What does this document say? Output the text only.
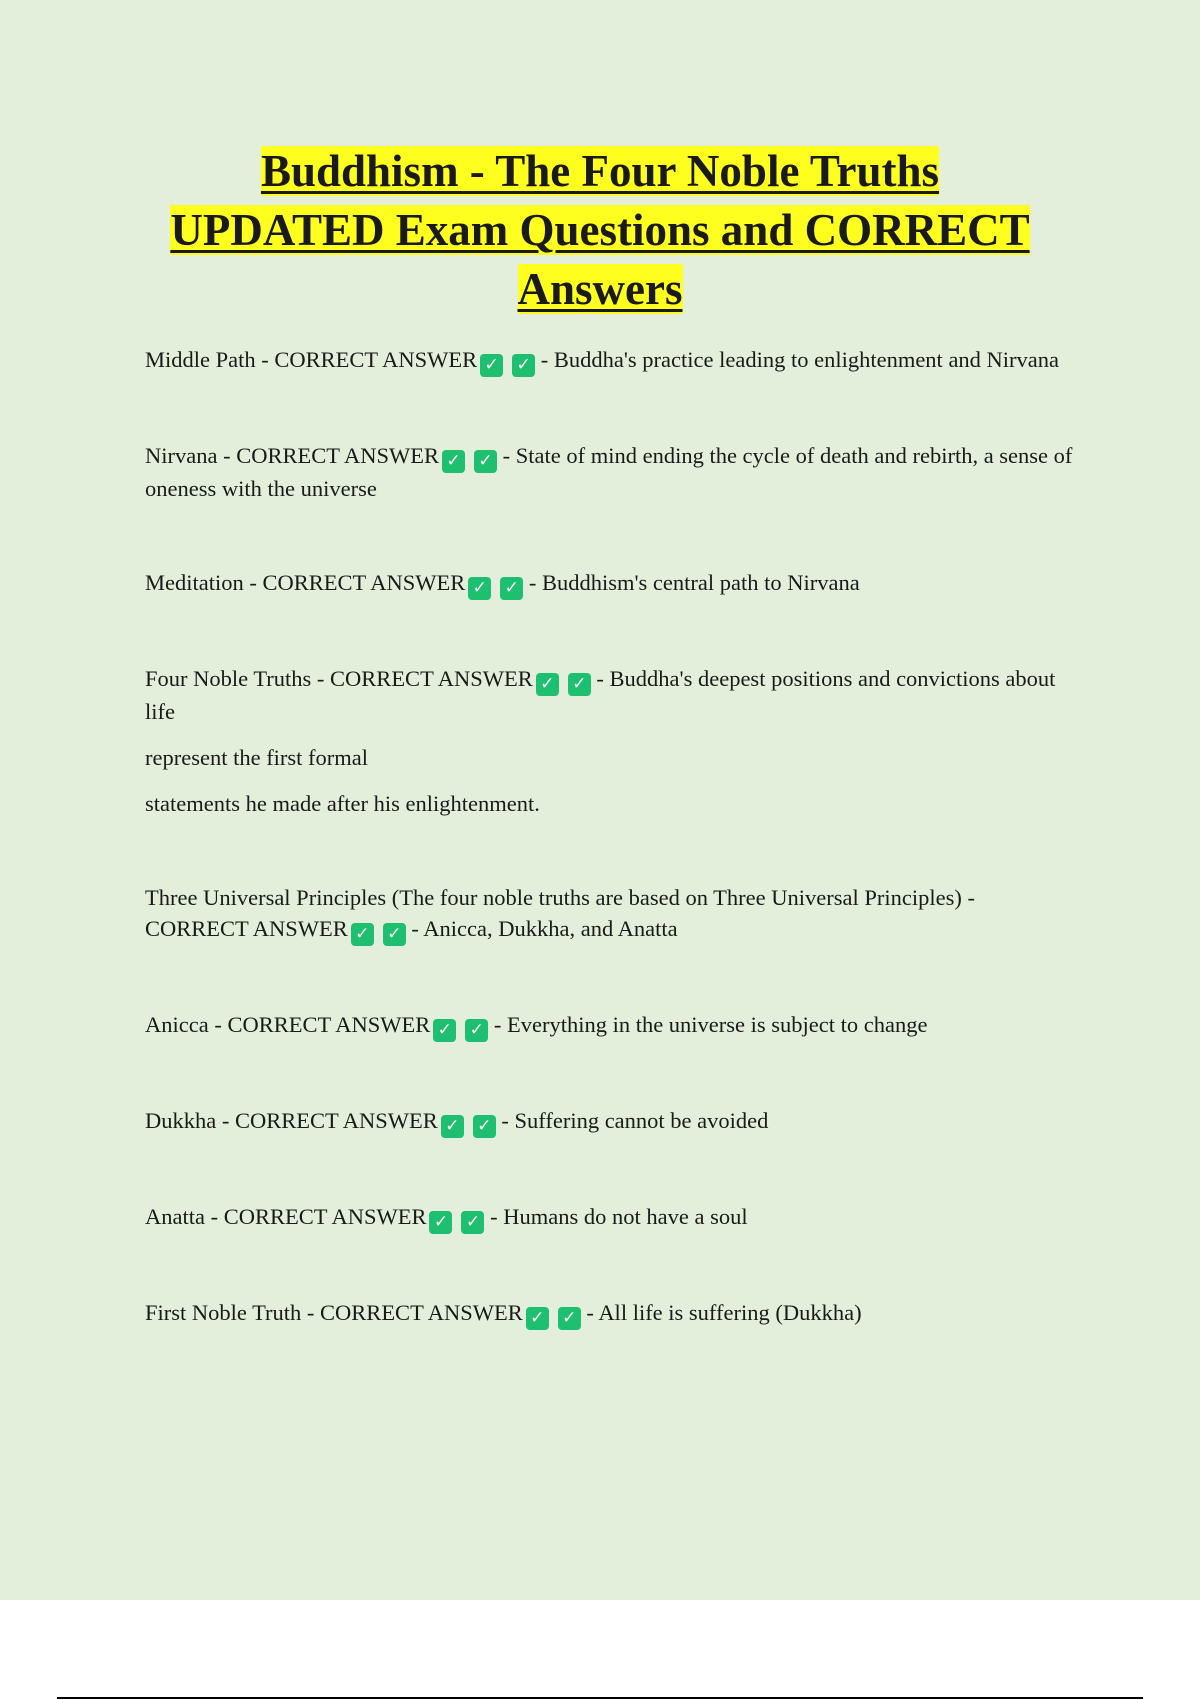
Buddhism - The Four Noble Truths
UPDATED Exam Questions and CORRECT
Answers

Middle Path - CORRECT ANSWER ✓ ✓ - Buddha's practice leading to enlightenment and Nirvana

Nirvana - CORRECT ANSWER ✓ ✓ - State of mind ending the cycle of death and rebirth, a sense of oneness with the universe

Meditation - CORRECT ANSWER ✓ ✓ - Buddhism's central path to Nirvana

Four Noble Truths - CORRECT ANSWER ✓ ✓ - Buddha's deepest positions and convictions about life

represent the first formal

statements he made after his enlightenment.

Three Universal Principles (The four noble truths are based on Three Universal Principles) - CORRECT ANSWER ✓ ✓ - Anicca, Dukkha, and Anatta

Anicca - CORRECT ANSWER ✓ ✓ - Everything in the universe is subject to change

Dukkha - CORRECT ANSWER ✓ ✓ - Suffering cannot be avoided

Anatta - CORRECT ANSWER ✓ ✓ - Humans do not have a soul

First Noble Truth - CORRECT ANSWER ✓ ✓ - All life is suffering (Dukkha)
